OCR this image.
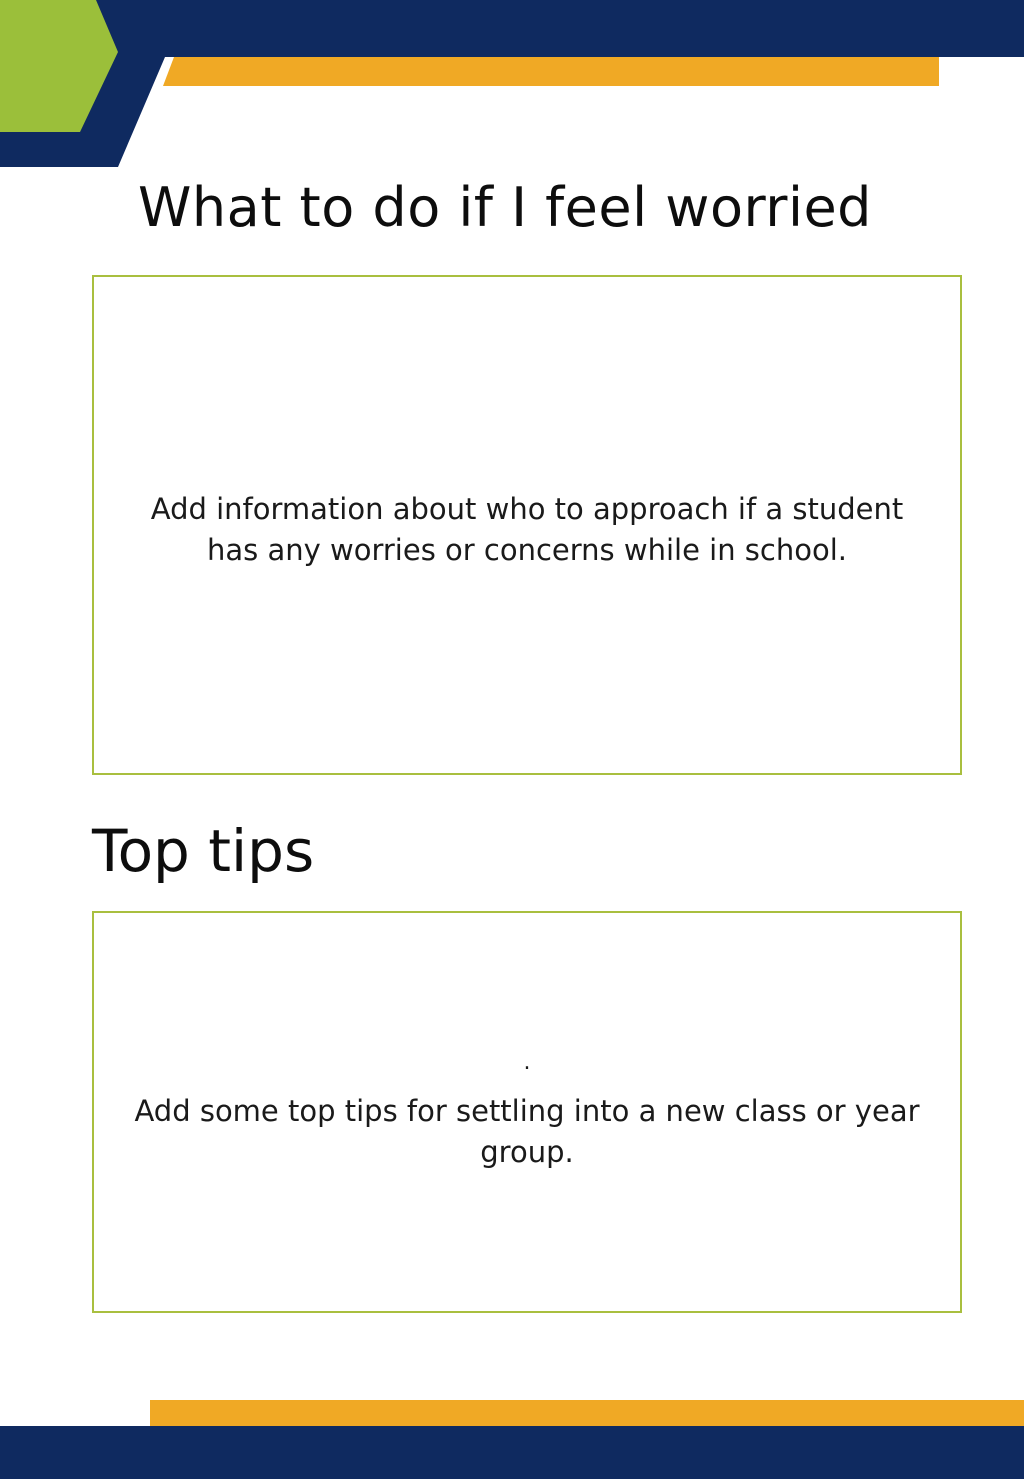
What to do if I feel worried

Add information about who to approach if a student has any worries or concerns while in school.

Top tips

.

Add some top tips for settling into a new class or year group.
